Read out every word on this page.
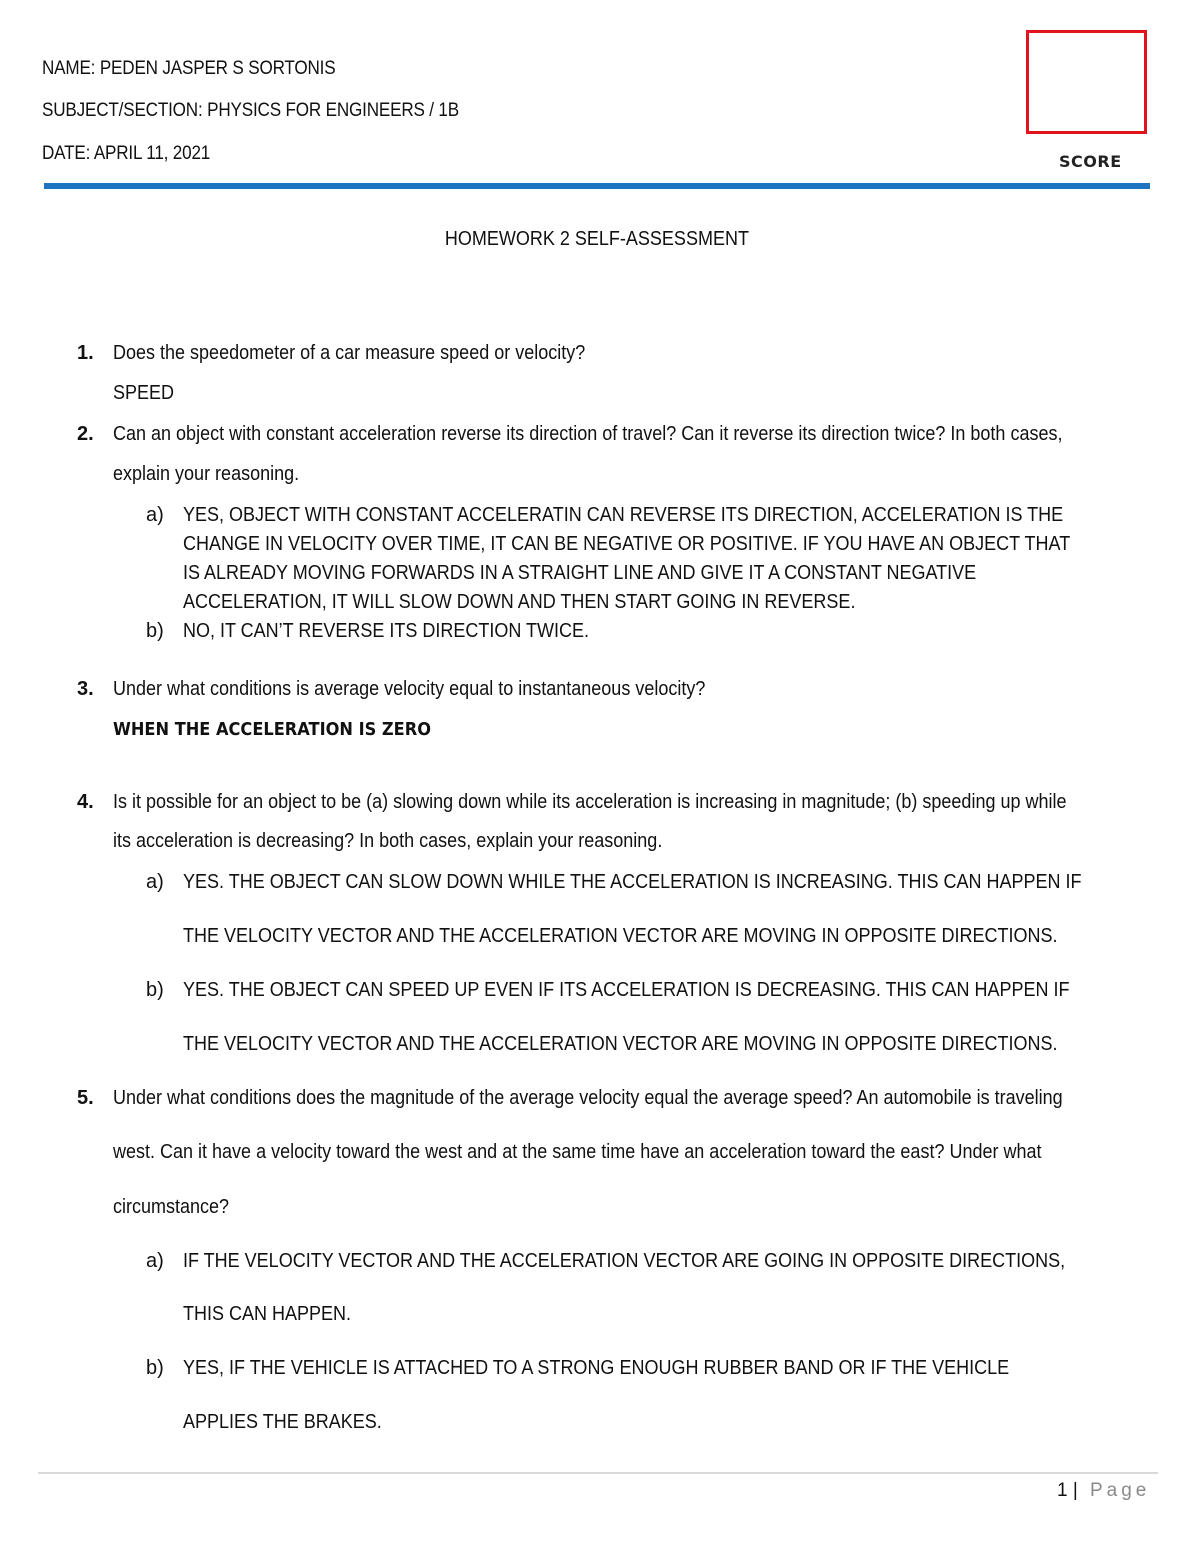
NAME: PEDEN JASPER S SORTONIS
SUBJECT/SECTION: PHYSICS FOR ENGINEERS / 1B
DATE: APRIL 11, 2021	SCORE
HOMEWORK 2 SELF-ASSESSMENT
1. Does the speedometer of a car measure speed or velocity?
SPEED
2. Can an object with constant acceleration reverse its direction of travel? Can it reverse its direction twice? In both cases,
explain your reasoning.
a) YES, OBJECT WITH CONSTANT ACCELERATIN CAN REVERSE ITS DIRECTION, ACCELERATION IS THE
CHANGE IN VELOCITY OVER TIME, IT CAN BE NEGATIVE OR POSITIVE. IF YOU HAVE AN OBJECT THAT
IS ALREADY MOVING FORWARDS IN A STRAIGHT LINE AND GIVE IT A CONSTANT NEGATIVE
ACCELERATION, IT WILL SLOW DOWN AND THEN START GOING IN REVERSE.
b) NO, IT CAN’T REVERSE ITS DIRECTION TWICE.
3. Under what conditions is average velocity equal to instantaneous velocity?
WHEN THE ACCELERATION IS ZERO
4. Is it possible for an object to be (a) slowing down while its acceleration is increasing in magnitude; (b) speeding up while
its acceleration is decreasing? In both cases, explain your reasoning.
a) YES. THE OBJECT CAN SLOW DOWN WHILE THE ACCELERATION IS INCREASING. THIS CAN HAPPEN IF
THE VELOCITY VECTOR AND THE ACCELERATION VECTOR ARE MOVING IN OPPOSITE DIRECTIONS.
b) YES. THE OBJECT CAN SPEED UP EVEN IF ITS ACCELERATION IS DECREASING. THIS CAN HAPPEN IF
THE VELOCITY VECTOR AND THE ACCELERATION VECTOR ARE MOVING IN OPPOSITE DIRECTIONS.
5. Under what conditions does the magnitude of the average velocity equal the average speed? An automobile is traveling
west. Can it have a velocity toward the west and at the same time have an acceleration toward the east? Under what
circumstance?
a) IF THE VELOCITY VECTOR AND THE ACCELERATION VECTOR ARE GOING IN OPPOSITE DIRECTIONS,
THIS CAN HAPPEN.
b) YES, IF THE VEHICLE IS ATTACHED TO A STRONG ENOUGH RUBBER BAND OR IF THE VEHICLE
APPLIES THE BRAKES.
1 | Page
